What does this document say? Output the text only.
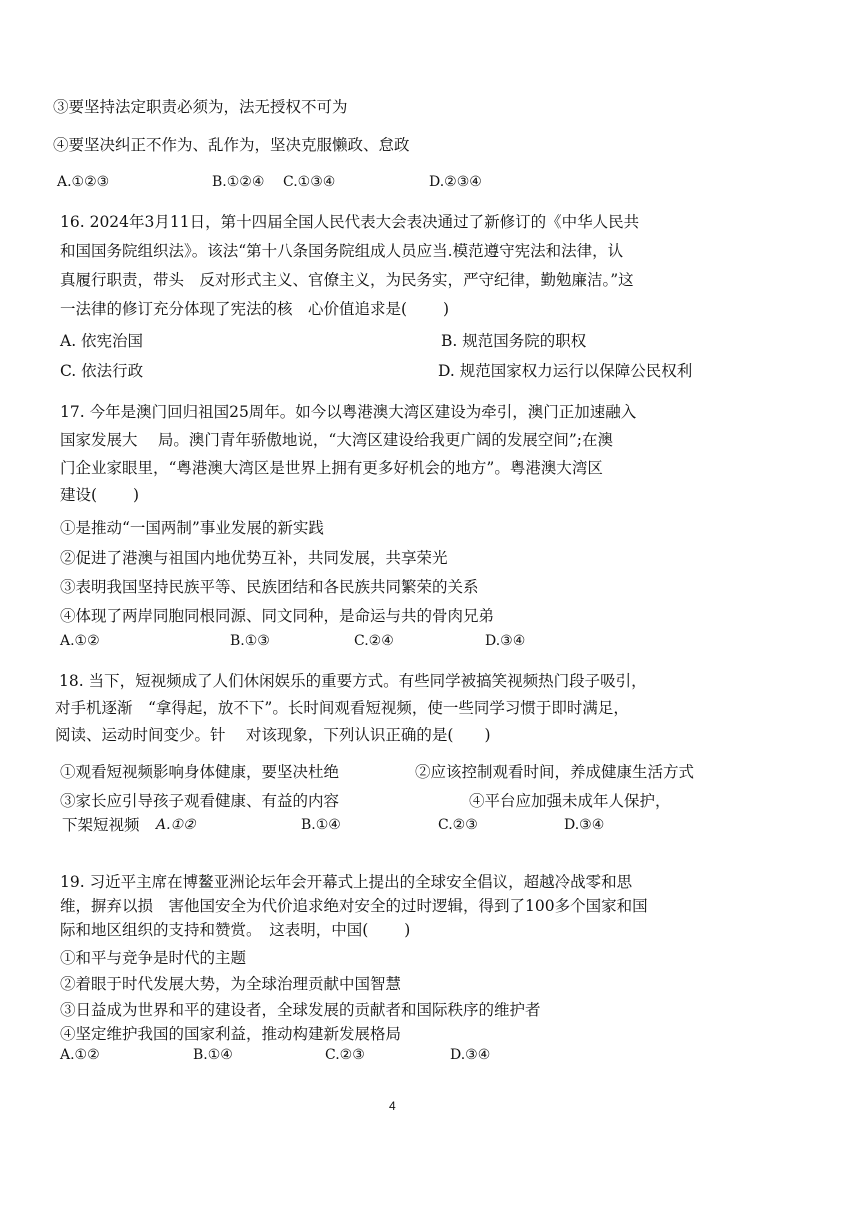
③要坚持法定职责必须为，法无授权不可为
④要坚决纠正不作为、乱作为，坚决克服懒政、怠政
A.①②③	B.①②④ C.①③④	D.②③④
16. 2024年3月11日，第十四届全国人民代表大会表决通过了新修订的《中华人民共
和国国务院组织法》。该法“第十八条国务院组成人员应当.模范遵守宪法和法律，认
真履行职责，带头　反对形式主义、官僚主义，为民务实，严守纪律，勤勉廉洁。”这
一法律的修订充分体现了宪法的核　心价值追求是(　　 )
A. 依宪治国	B. 规范国务院的职权
C. 依法行政	D. 规范国家权力运行以保障公民权利
17. 今年是澳门回归祖国25周年。如今以粤港澳大湾区建设为牵引，澳门正加速融入
国家发展大　 局。澳门青年骄傲地说，“大湾区建设给我更广阔的发展空间”;在澳
门企业家眼里，“粤港澳大湾区是世界上拥有更多好机会的地方”。粤港澳大湾区
建设(　　 )
①是推动“一国两制”事业发展的新实践
②促进了港澳与祖国内地优势互补，共同发展，共享荣光
③表明我国坚持民族平等、民族团结和各民族共同繁荣的关系
④体现了两岸同胞同根同源、同文同种，是命运与共的骨肉兄弟
A.①②	B.①③	C.②④	D.③④
18. 当下，短视频成了人们休闲娱乐的重要方式。有些同学被搞笑视频热门段子吸引，
对手机逐渐　“拿得起，放不下”。长时间观看短视频，使一些同学习惯于即时满足，
阅读、运动时间变少。针　 对该现象，下列认识正确的是(　　)
①观看短视频影响身体健康，要坚决杜绝	②应该控制观看时间，养成健康生活方式
③家长应引导孩子观看健康、有益的内容	④平台应加强未成年人保护，
下架短视频 A.①②	B.①④	C.②③	D.③④
19. 习近平主席在博鳌亚洲论坛年会开幕式上提出的全球安全倡议，超越冷战零和思
维，摒弃以损　害他国安全为代价追求绝对安全的过时逻辑，得到了100多个国家和国
际和地区组织的支持和赞赏。　这表明，中国(　　 )
①和平与竞争是时代的主题
②着眼于时代发展大势，为全球治理贡献中国智慧
③日益成为世界和平的建设者，全球发展的贡献者和国际秩序的维护者
④坚定维护我国的国家利益，推动构建新发展格局
A.①②	B.①④	C.②③	D.③④
4
